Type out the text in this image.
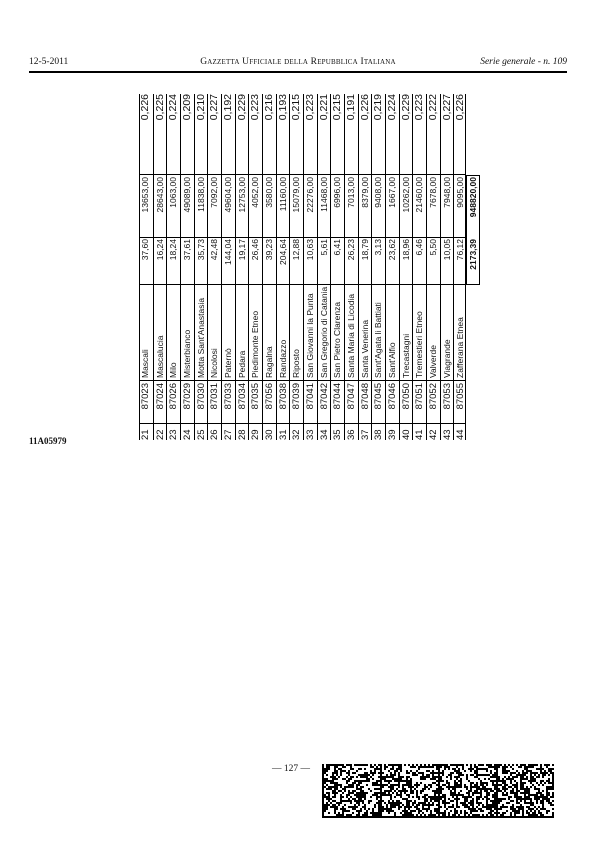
12-5-2011	Gazzetta Ufficiale della Repubblica Italiana	Serie generale - n. 109
21
87023
Mascali
37,60
13653,00
0,226
22
87024
Mascalucia
16,24
28643,00
0,225
23
87026
Milo
18,24
1063,00
0,224
24
87029
Misterbianco
37,61
49089,00
0,209
25
87030
Motta Sant'Anastasia
35,73
11838,00
0,210
26
87031
Nicolosi
42,48
7092,00
0,227
27
87033
Paternò
144,04
49604,00
0,192
28
87034
Pedara
19,17
12753,00
0,229
29
87035
Piedimonte Etneo
26,46
4052,00
0,223
30
87056
Ragalna
39,23
3580,00
0,216
31
87038
Randazzo
204,64
11160,00
0,193
32
87039
Riposto
12,88
15079,00
0,215
33
87041
San Giovanni la Punta
10,63
22276,00
0,223
34
87042
San Gregorio di Catania
5,61
11468,00
0,221
35
87044
San Pietro Clarenza
6,41
6996,00
0,215
36
87047
Santa Maria di Licodia
26,23
7013,00
0,191
37
87048
Santa Venerina
18,79
8379,00
0,226
38
87045
Sant'Agata li Battiati
3,13
9408,00
0,219
39
87046
Sant'Alfio
23,62
1667,00
0,224
40
87050
Trecastagni
18,96
10262,00
0,229
41
87051
Tremestieri Etneo
6,46
21460,00
0,223
42
87052
Valverde
5,50
7678,00
0,222
43
87053
Viagrande
10,05
7948,00
0,227
44
87055
Zafferana Etnea
76,12
9095,00
0,226
2173,39
948820,00
11A05979
— 127 —
